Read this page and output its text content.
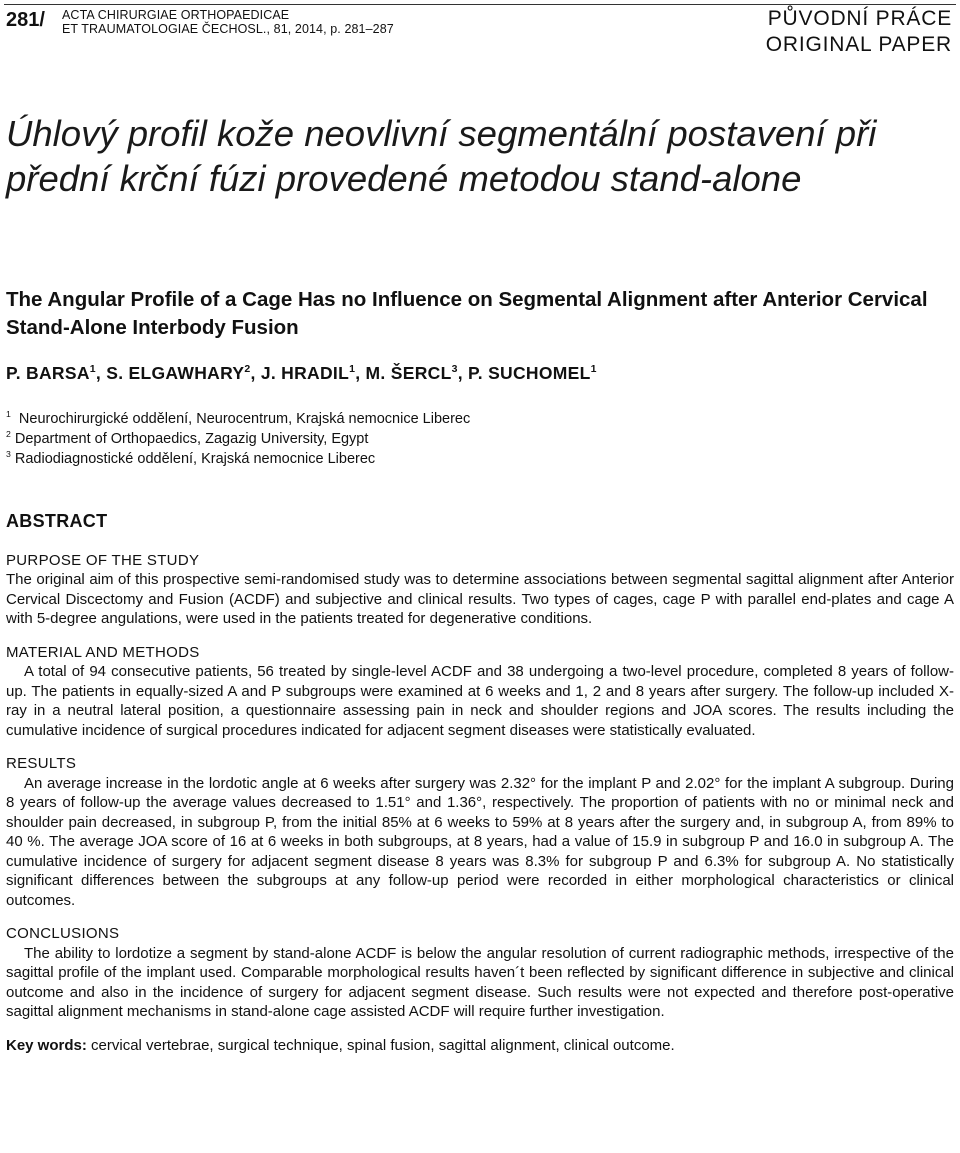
281/ ACTA CHIRURGIAE ORTHOPAEDICAE
ET TRAUMATOLOGIAE ČECHOSL., 81, 2014, p. 281–287	PŮVODNÍ PRÁCE
ORIGINAL PAPER
Úhlový profil kože neovlivní segmentální postavení při přední krční fúzi provedené metodou stand-alone
The Angular Profile of a Cage Has no Influence on Segmental Alignment after Anterior Cervical Stand-Alone Interbody Fusion
P. BARSA$^1$, S. ELGAWHARY$^2$, J. HRADIL$^1$, M. ŠERCL$^3$, P. SUCHOMEL$^1$
$^1$ Neurochirurgické oddělení, Neurocentrum, Krajská nemocnice Liberec
$^2$ Department of Orthopaedics, Zagazig University, Egypt
$^3$ Radiodiagnostické oddělení, Krajská nemocnice Liberec
ABSTRACT
PURPOSE OF THE STUDY

The original aim of this prospective semi-randomised study was to determine associations between segmental sagittal alignment after Anterior Cervical Discectomy and Fusion (ACDF) and subjective and clinical results. Two types of cages, cage P with parallel end-plates and cage A with 5-degree angulations, were used in the patients treated for degenerative conditions.

MATERIAL AND METHODS

A total of 94 consecutive patients, 56 treated by single-level ACDF and 38 undergoing a two-level procedure, completed 8 years of follow-up. The patients in equally-sized A and P subgroups were examined at 6 weeks and 1, 2 and 8 years after surgery. The follow-up included X-ray in a neutral lateral position, a questionnaire assessing pain in neck and shoulder regions and JOA scores. The results including the cumulative incidence of surgical procedures indicated for adjacent segment diseases were statistically evaluated.

RESULTS

An average increase in the lordotic angle at 6 weeks after surgery was 2.32° for the implant P and 2.02° for the implant A subgroup. During 8 years of follow-up the average values decreased to 1.51° and 1.36°, respectively. The proportion of patients with no or minimal neck and shoulder pain decreased, in subgroup P, from the initial 85% at 6 weeks to 59% at 8 years after the surgery and, in subgroup A, from 89% to 40 %. The average JOA score of 16 at 6 weeks in both subgroups, at 8 years, had a value of 15.9 in subgroup P and 16.0 in subgroup A. The cumulative incidence of surgery for adjacent segment disease 8 years was 8.3% for subgroup P and 6.3% for subgroup A. No statistically significant differences between the subgroups at any follow-up period were recorded in either morphological characteristics or clinical outcomes.

CONCLUSIONS

The ability to lordotize a segment by stand-alone ACDF is below the angular resolution of current radiographic methods, irrespective of the sagittal profile of the implant used. Comparable morphological results haven´t been reflected by significant difference in subjective and clinical outcome and also in the incidence of surgery for adjacent segment disease. Such results were not expected and therefore post-operative sagittal alignment mechanisms in stand-alone cage assisted ACDF will require further investigation.

Key words: cervical vertebrae, surgical technique, spinal fusion, sagittal alignment, clinical outcome.
